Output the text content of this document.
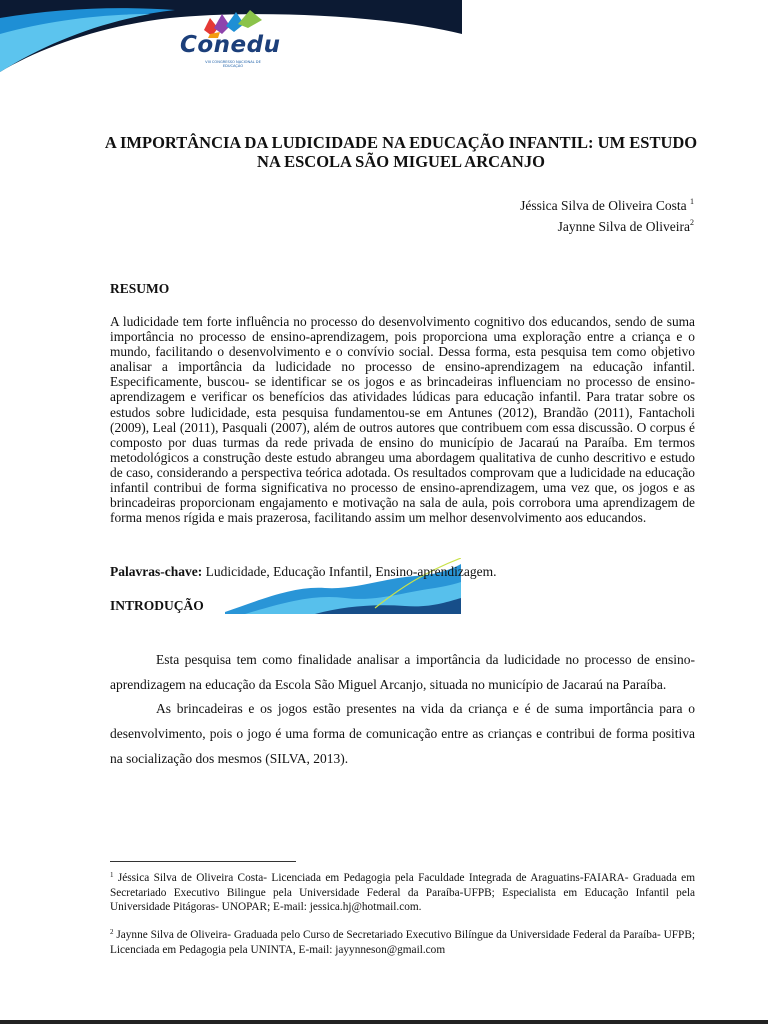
Conedu
VIII CONGRESSO NACIONAL DE EDUCAÇÃO
A IMPORTÂNCIA DA LUDICIDADE NA EDUCAÇÃO INFANTIL: UM ESTUDO NA ESCOLA SÃO MIGUEL ARCANJO
Jéssica Silva de Oliveira Costa $^1$
Jaynne Silva de Oliveira$^2$
RESUMO

A ludicidade tem forte influência no processo do desenvolvimento cognitivo dos educandos, sendo de suma importância no processo de ensino-aprendizagem, pois proporciona uma exploração entre a criança e o mundo, facilitando o desenvolvimento e o convívio social. Dessa forma, esta pesquisa tem como objetivo analisar a importância da ludicidade no processo de ensino-aprendizagem na educação infantil. Especificamente, buscou- se identificar se os jogos e as brincadeiras influenciam no processo de ensino-aprendizagem e verificar os benefícios das atividades lúdicas para educação infantil. Para tratar sobre os estudos sobre ludicidade, esta pesquisa fundamentou-se em Antunes (2012), Brandão (2011), Fantacholi (2009), Leal (2011), Pasquali (2007), além de outros autores que contribuem com essa discussão. O corpus é composto por duas turmas da rede privada de ensino do município de Jacaraú na Paraíba. Em termos metodológicos a construção deste estudo abrangeu uma abordagem qualitativa de cunho descritivo e estudo de caso, considerando a perspectiva teórica adotada. Os resultados comprovam que a ludicidade na educação infantil contribui de forma significativa no processo de ensino-aprendizagem, uma vez que, os jogos e as brincadeiras proporcionam engajamento e motivação na sala de aula, pois corrobora uma aprendizagem de forma menos rígida e mais prazerosa, facilitando assim um melhor desenvolvimento aos educandos.

Palavras-chave: Ludicidade, Educação Infantil, Ensino-aprendizagem.

INTRODUÇÃO

Esta pesquisa tem como finalidade analisar a importância da ludicidade no processo de ensino-aprendizagem na educação da Escola São Miguel Arcanjo, situada no município de Jacaraú na Paraíba.

As brincadeiras e os jogos estão presentes na vida da criança e é de suma importância para o desenvolvimento, pois o jogo é uma forma de comunicação entre as crianças e contribui de forma positiva na socialização dos mesmos (SILVA, 2013).

$^1$ Jéssica Silva de Oliveira Costa- Licenciada em Pedagogia pela Faculdade Integrada de Araguatins-FAIARA- Graduada em Secretariado Executivo Bilingue pela Universidade Federal da Paraíba-UFPB; Especialista em Educação Infantil pela Universidade Pitágoras- UNOPAR; E-mail: jessica.hj@hotmail.com.

$^2$ Jaynne Silva de Oliveira- Graduada pelo Curso de Secretariado Executivo Bilíngue da Universidade Federal da Paraíba- UFPB; Licenciada em Pedagogia pela UNINTA, E-mail: jayynneson@gmail.com
